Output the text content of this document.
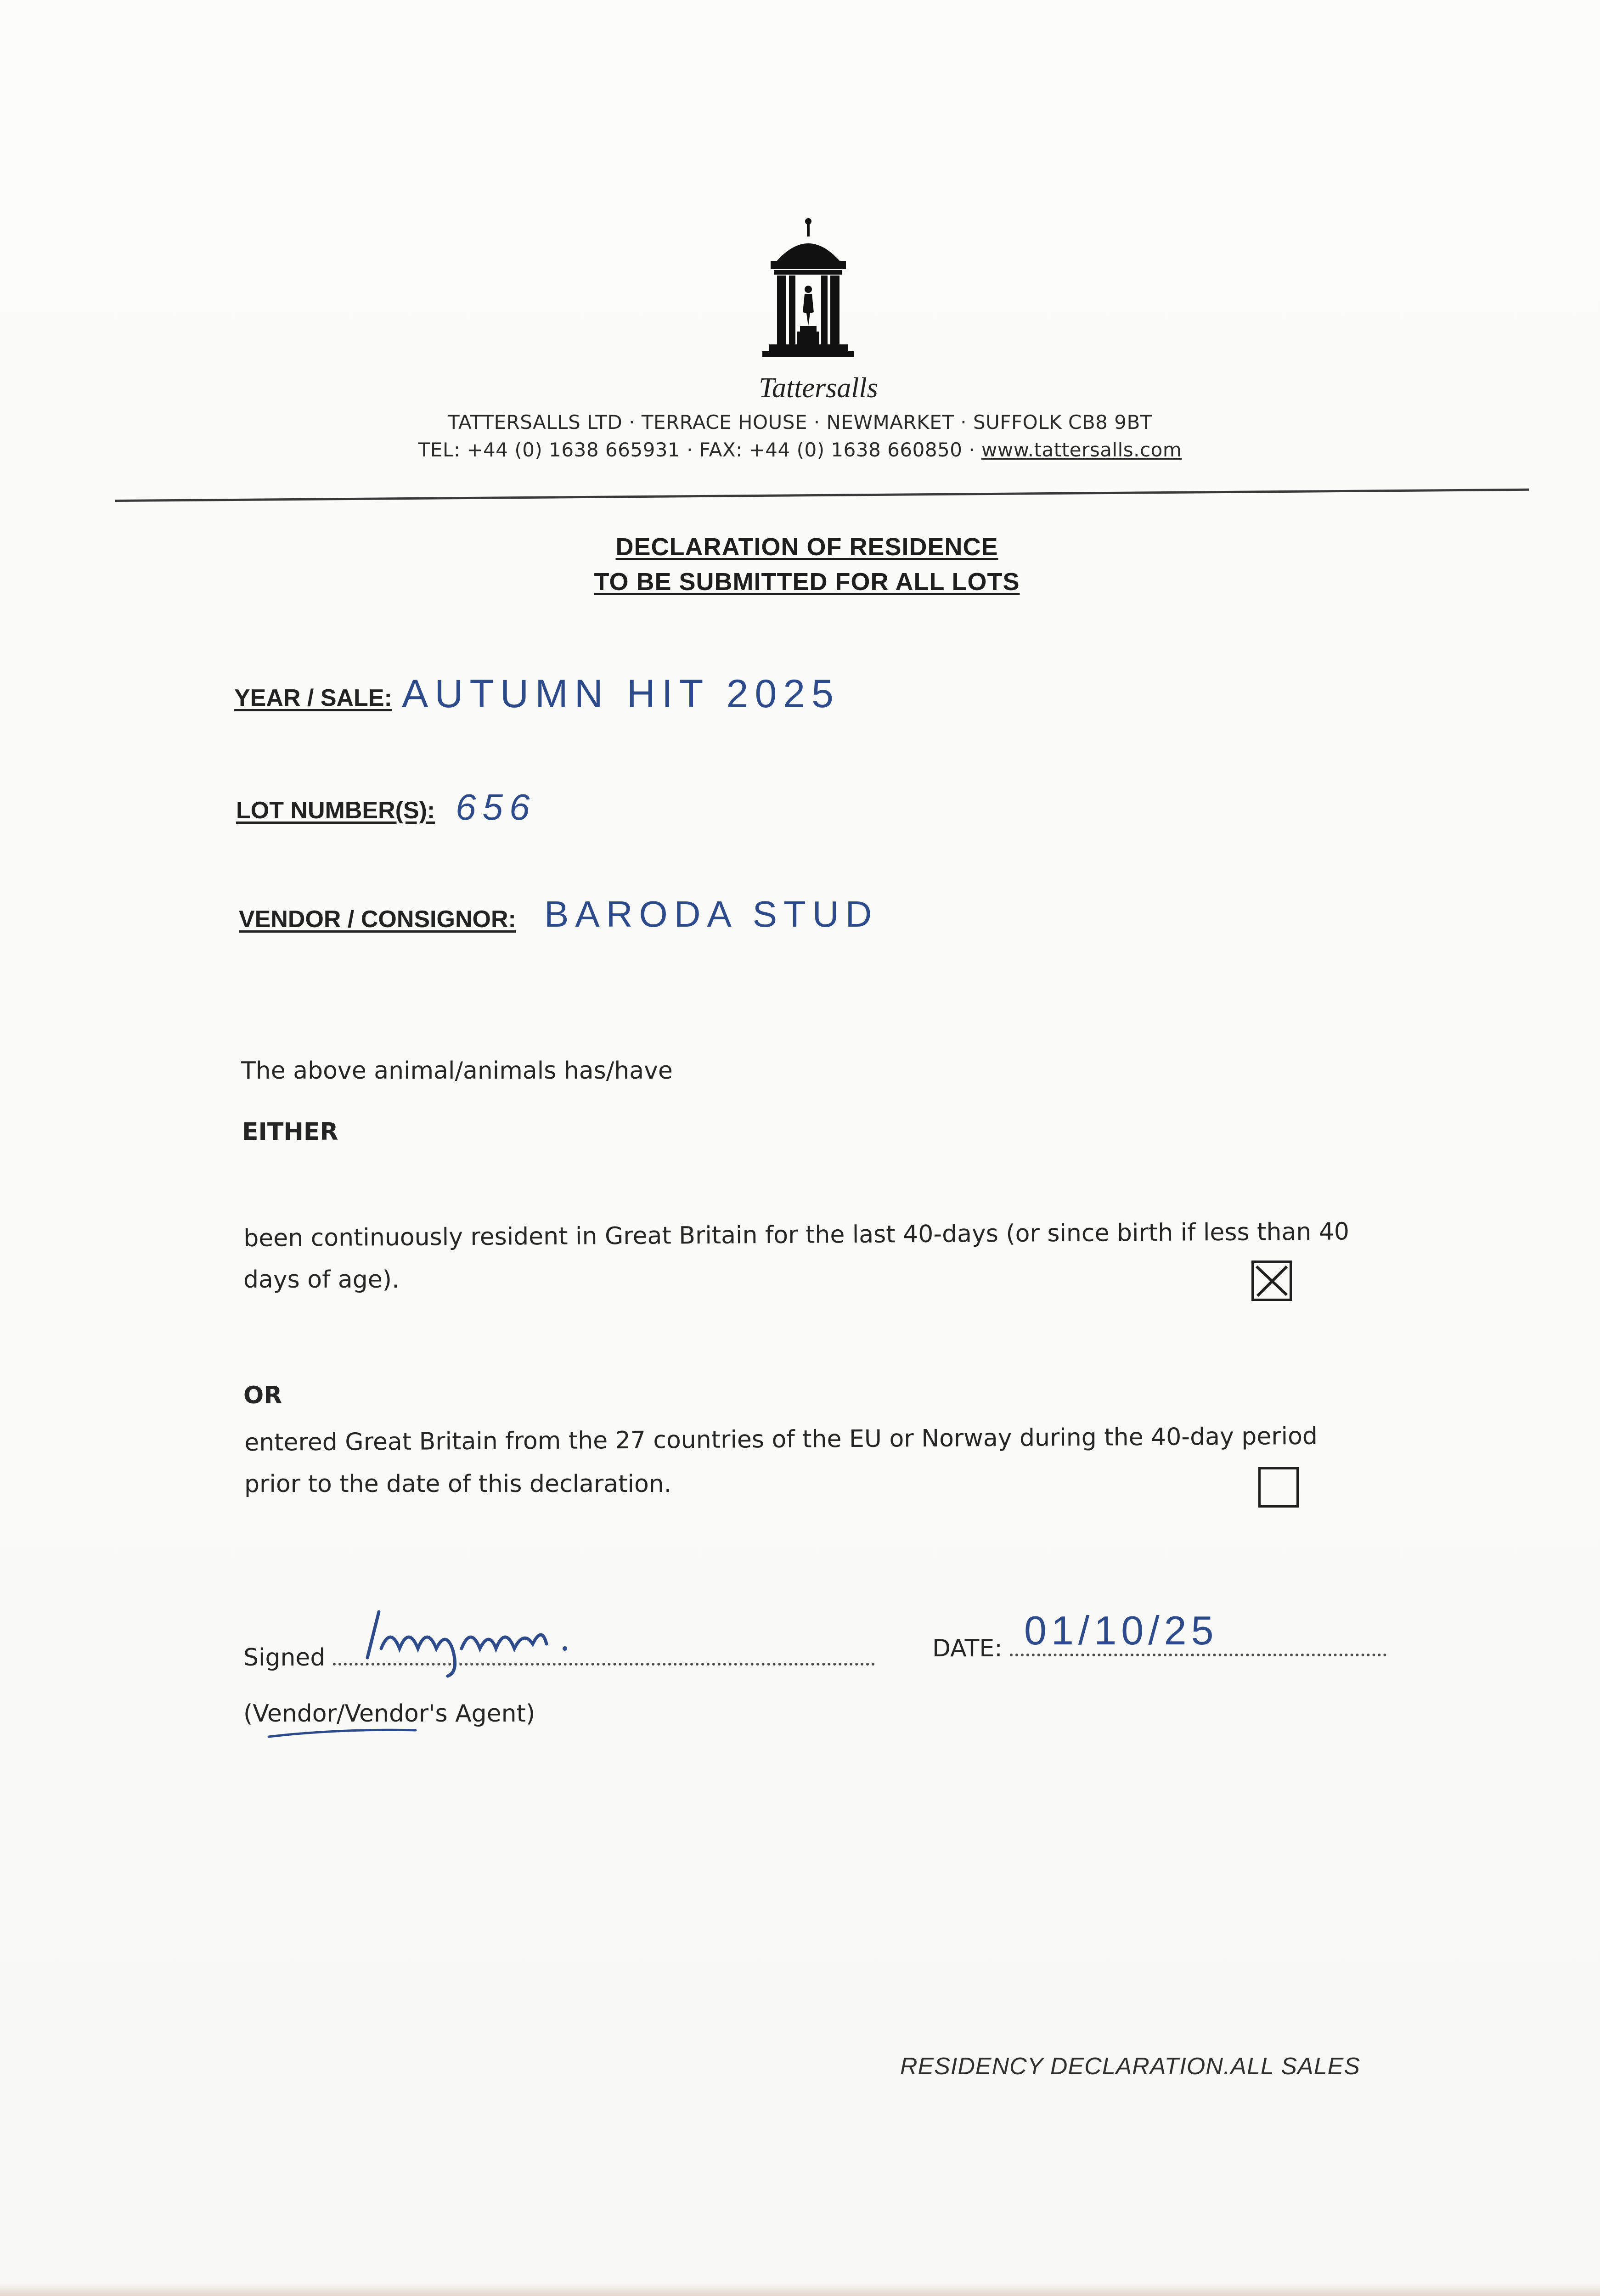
Tattersalls
TATTERSALLS LTD · TERRACE HOUSE · NEWMARKET · SUFFOLK CB8 9BT
TEL: +44 (0) 1638 665931 · FAX: +44 (0) 1638 660850 · www.tattersalls.com
DECLARATION OF RESIDENCE
TO BE SUBMITTED FOR ALL LOTS
YEAR / SALE: AUTUMN HIT 2025
LOT NUMBER(S): 656
VENDOR / CONSIGNOR: BARODA STUD
The above animal/animals has/have
EITHER
been continuously resident in Great Britain for the last 40-days (or since birth if less than 40
days of age).
OR
entered Great Britain from the 27 countries of the EU or Norway during the 40-day period
prior to the date of this declaration.
Signed	DATE: 01/10/25
(Vendor/Vendor's Agent)
RESIDENCY DECLARATION.ALL SALES
